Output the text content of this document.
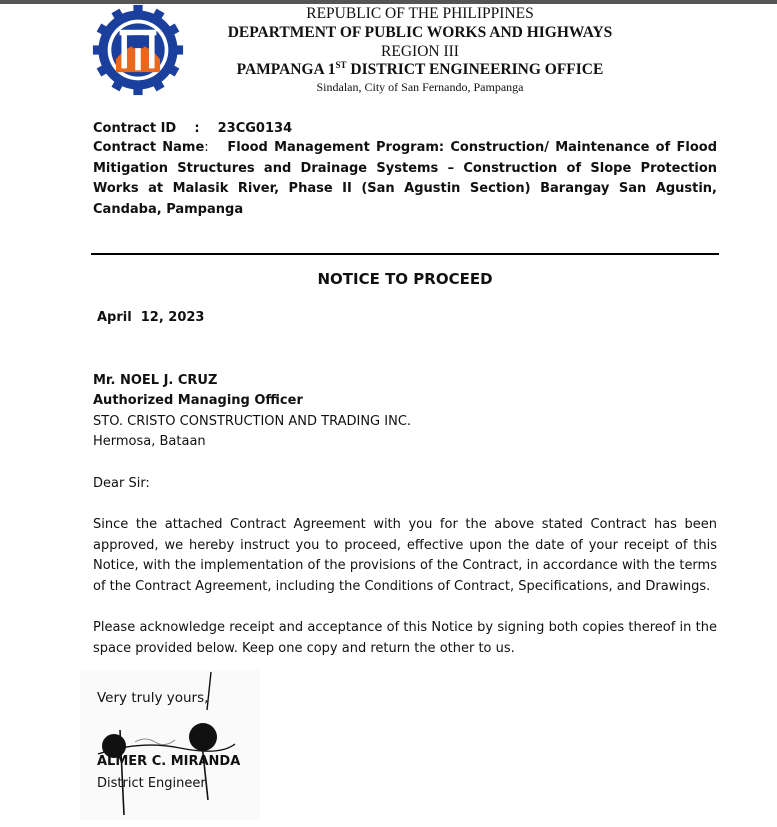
REPUBLIC OF THE PHILIPPINES
DEPARTMENT OF PUBLIC WORKS AND HIGHWAYS
REGION III
PAMPANGA 1ST DISTRICT ENGINEERING OFFICE
Sindalan, City of San Fernando, Pampanga
Contract ID : 23CG0134
Contract Name: Flood Management Program: Construction/ Maintenance of Flood Mitigation Structures and Drainage Systems – Construction of Slope Protection Works at Malasik River, Phase II (San Agustin Section) Barangay San Agustin, Candaba, Pampanga
NOTICE TO PROCEED
April  12, 2023
Mr. NOEL J. CRUZ
Authorized Managing Officer
STO. CRISTO CONSTRUCTION AND TRADING INC.
Hermosa, Bataan
Dear Sir:
Since the attached Contract Agreement with you for the above stated Contract has been approved, we hereby instruct you to proceed, effective upon the date of your receipt of this Notice, with the implementation of the provisions of the Contract, in accordance with the terms of the Contract Agreement, including the Conditions of Contract, Specifications, and Drawings.
Please acknowledge receipt and acceptance of this Notice by signing both copies thereof in the space provided below. Keep one copy and return the other to us.
Very truly yours,
ALMER C. MIRANDA
District Engineer
